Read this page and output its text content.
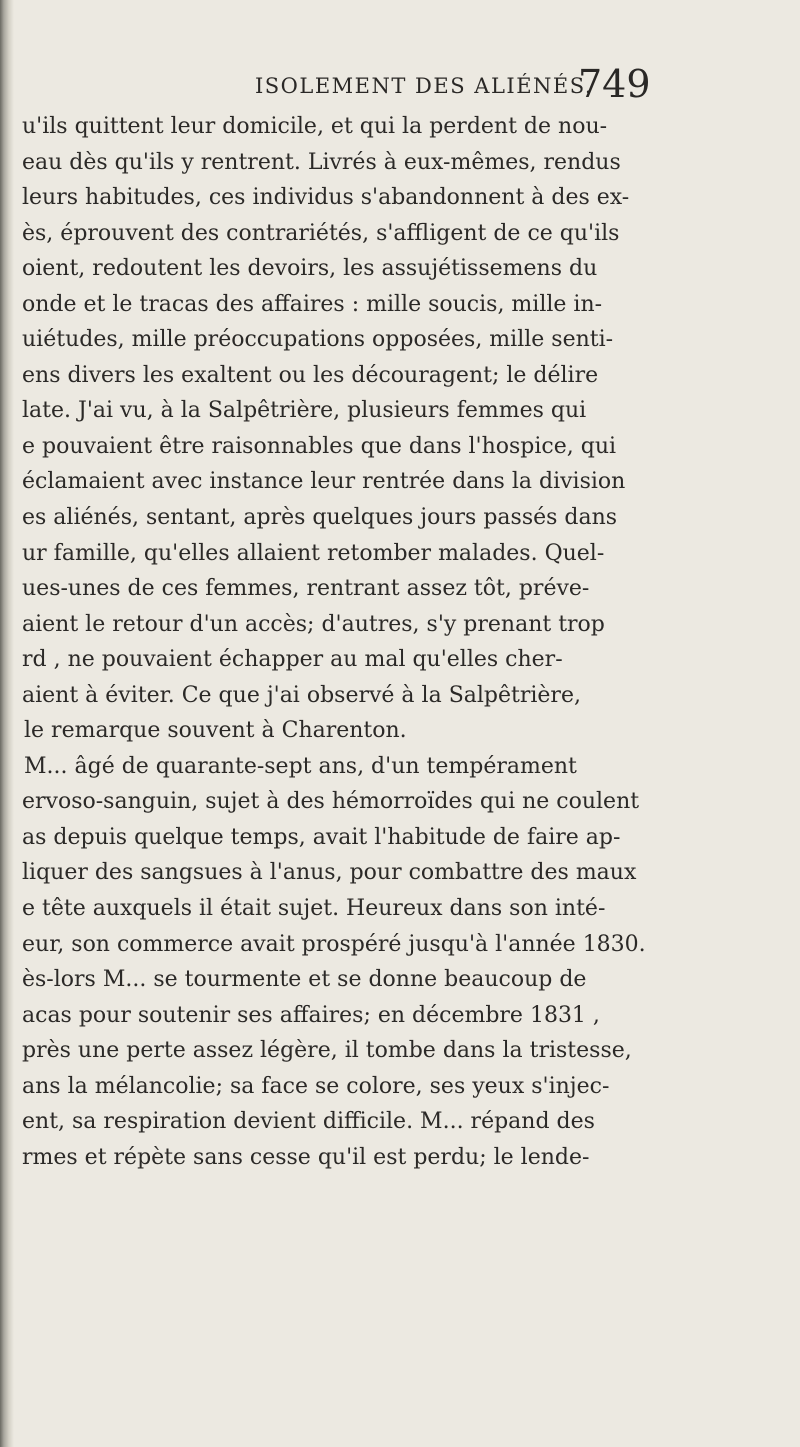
ISOLEMENT DES ALIÉNÉS.
749
u'ils quittent leur domicile, et qui la perdent de nou-
eau dès qu'ils y rentrent. Livrés à eux-mêmes, rendus
leurs habitudes, ces individus s'abandonnent à des ex-
ès, éprouvent des contrariétés, s'affligent de ce qu'ils
oient, redoutent les devoirs, les assujétissemens du
onde et le tracas des affaires : mille soucis, mille in-
uiétudes, mille préoccupations opposées, mille senti-
ens divers les exaltent ou les découragent; le délire
late. J'ai vu, à la Salpêtrière, plusieurs femmes qui
e pouvaient être raisonnables que dans l'hospice, qui
éclamaient avec instance leur rentrée dans la division
es aliénés, sentant, après quelques jours passés dans
ur famille, qu'elles allaient retomber malades. Quel-
ues-unes de ces femmes, rentrant assez tôt, préve-
aient le retour d'un accès; d'autres, s'y prenant trop
rd , ne pouvaient échapper au mal qu'elles cher-
aient à éviter. Ce que j'ai observé à la Salpêtrière,
le remarque souvent à Charenton.
M... âgé de quarante-sept ans, d'un tempérament
ervoso-sanguin, sujet à des hémorroïdes qui ne coulent
as depuis quelque temps, avait l'habitude de faire ap-
liquer des sangsues à l'anus, pour combattre des maux
e tête auxquels il était sujet. Heureux dans son inté-
eur, son commerce avait prospéré jusqu'à l'année 1830.
ès-lors M... se tourmente et se donne beaucoup de
acas pour soutenir ses affaires; en décembre 1831 ,
près une perte assez légère, il tombe dans la tristesse,
ans la mélancolie; sa face se colore, ses yeux s'injec-
ent, sa respiration devient difficile. M... répand des
rmes et répète sans cesse qu'il est perdu; le lende-
